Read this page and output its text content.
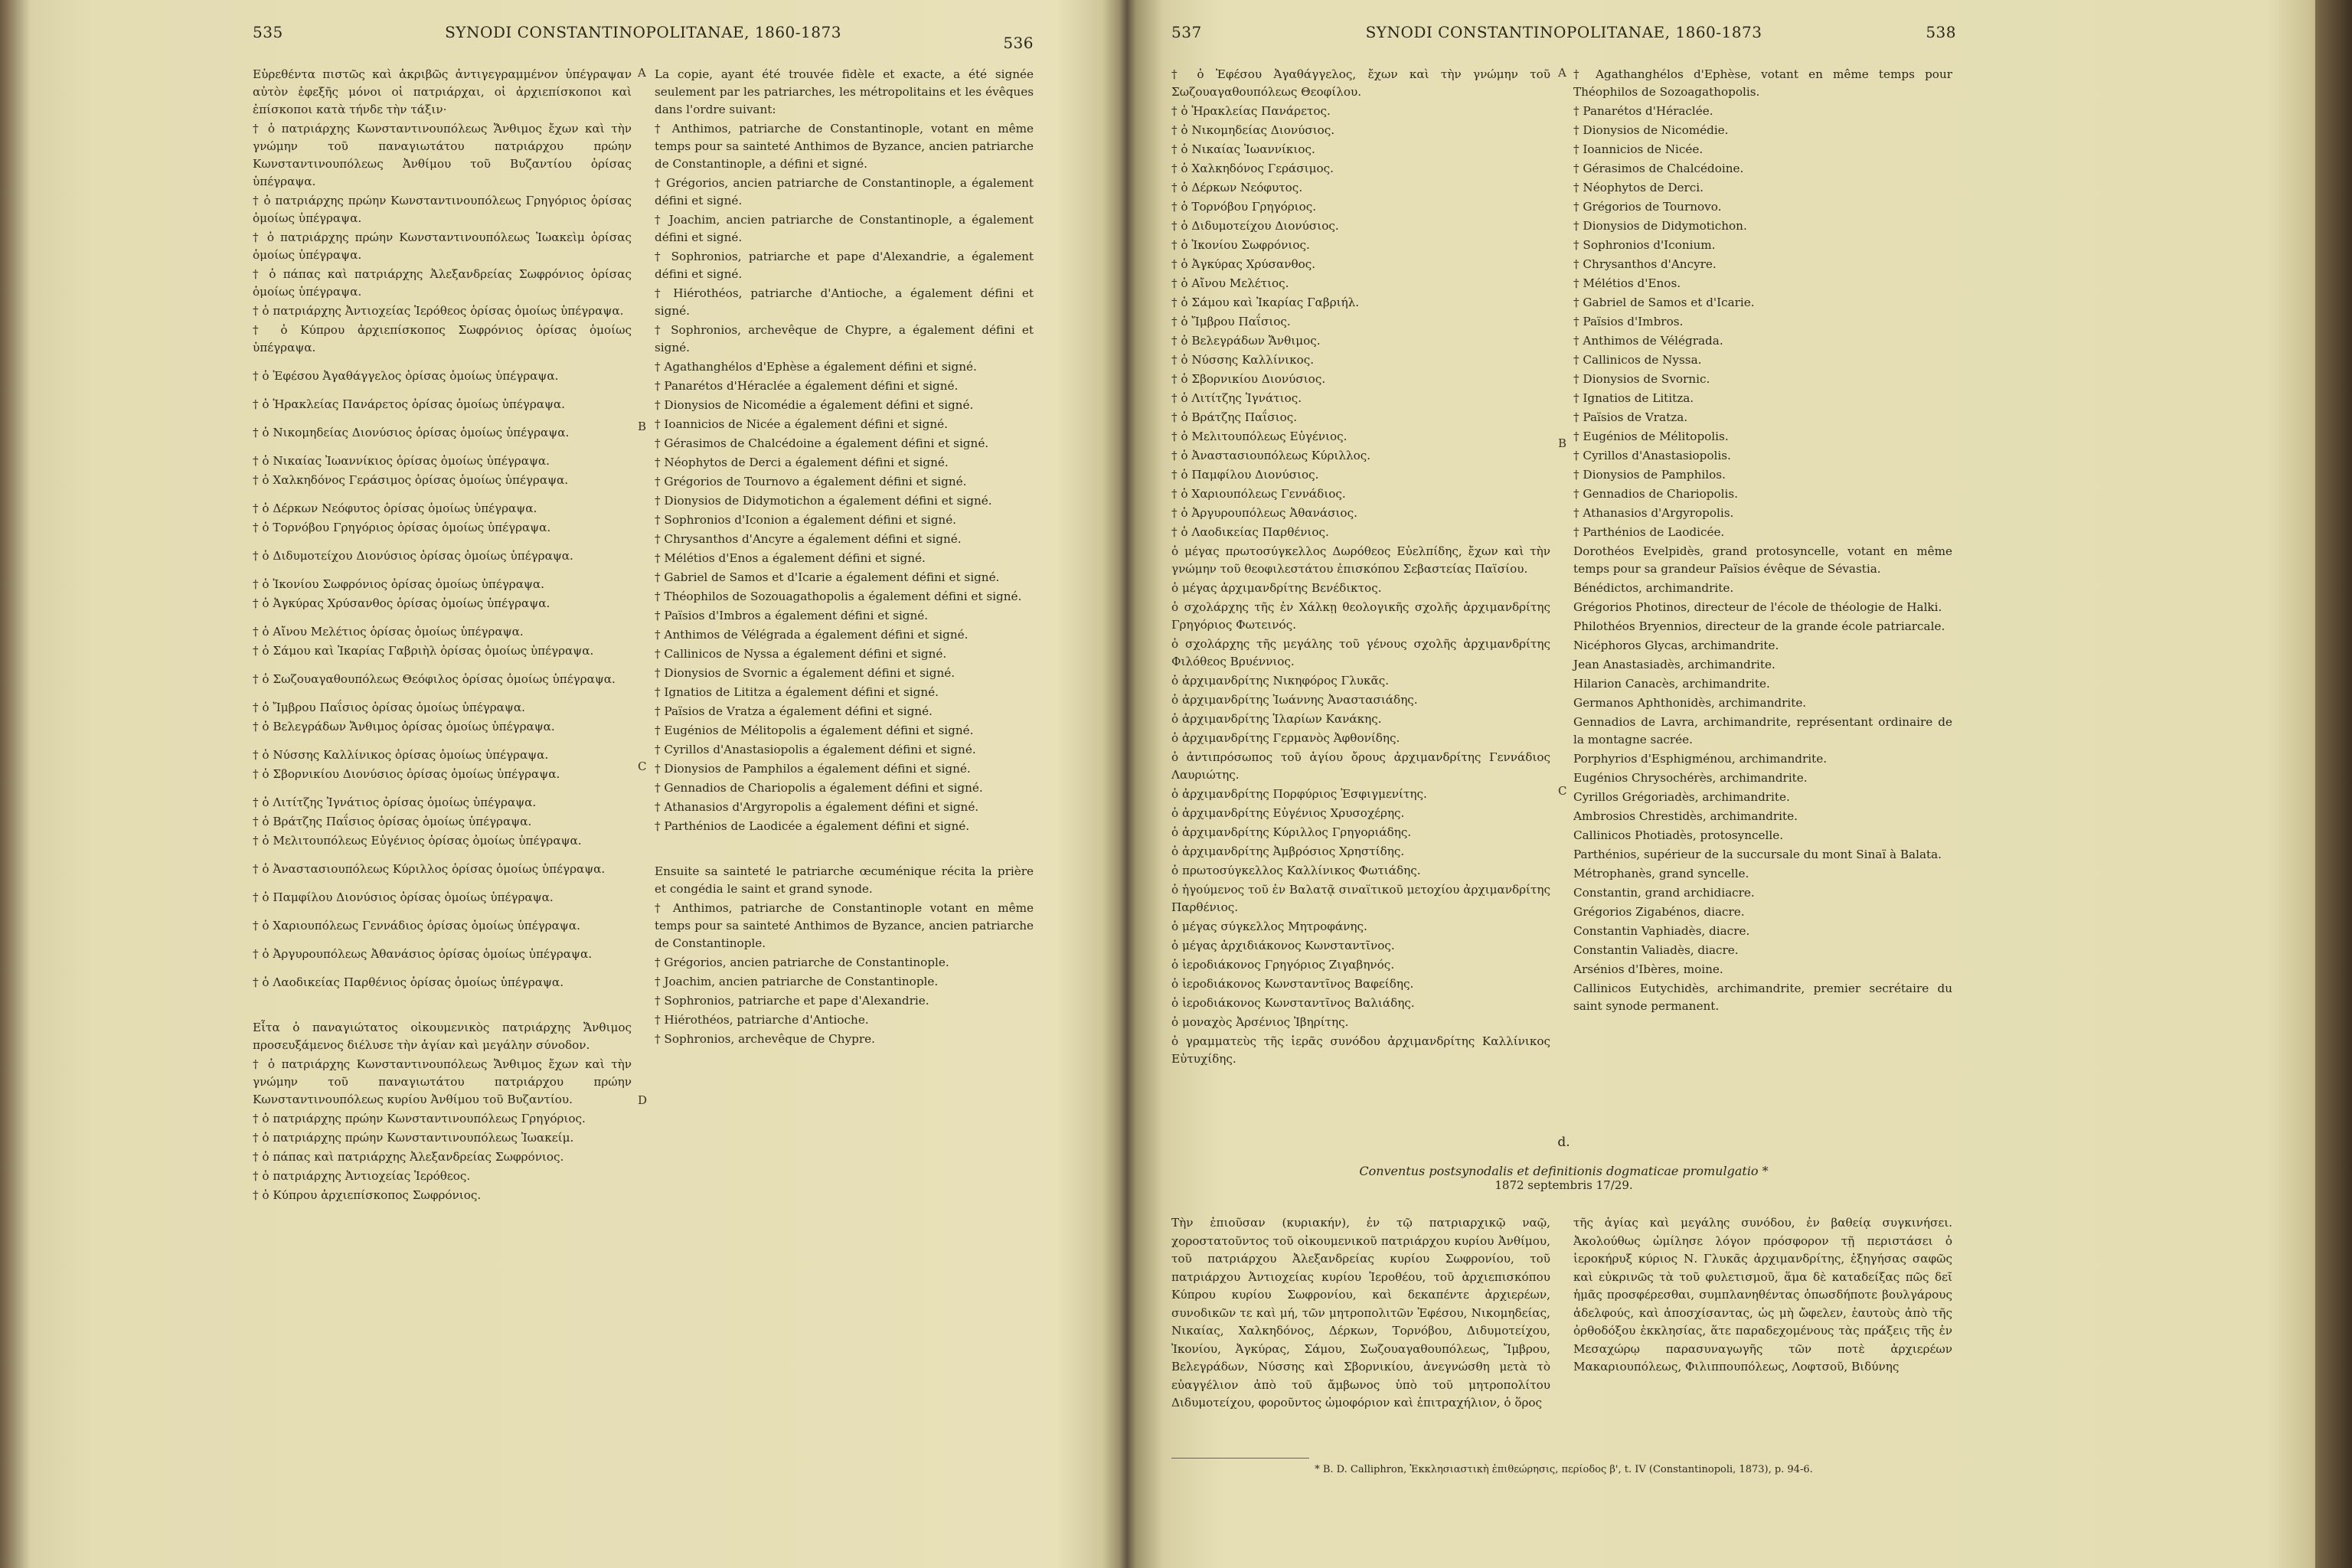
535	SYNODI CONSTANTINOPOLITANAE, 1860-1873
536

Εὑρεθέντα πιστῶς καὶ ἀκριβῶς ἀντιγεγραμμένον ὑπέγραψαν αὐτὸν ἐφεξῆς μόνοι οἱ πατριάρχαι, οἱ ἀρχιεπίσκοποι καὶ ἐπίσκοποι κατὰ τήνδε τὴν τάξιν·

† ὁ πατριάρχης Κωνσταντινουπόλεως Ἄνθιμος ἔχων καὶ τὴν γνώμην τοῦ παναγιωτάτου πατριάρχου πρώην Κωνσταντινουπόλεως Ἀνθίμου τοῦ Βυζαντίου ὁρίσας ὑπέγραψα.

† ὁ πατριάρχης πρώην Κωνσταντινουπόλεως Γρηγόριος ὁρίσας ὁμοίως ὑπέγραψα.

† ὁ πατριάρχης πρώην Κωνσταντινουπόλεως Ἰωακεὶμ ὁρίσας ὁμοίως ὑπέγραψα.

† ὁ πάπας καὶ πατριάρχης Ἀλεξανδρείας Σωφρόνιος ὁρίσας ὁμοίως ὑπέγραψα.

† ὁ πατριάρχης Ἀντιοχείας Ἱερόθεος ὁρίσας ὁμοίως ὑπέγραψα.

† ὁ Κύπρου ἀρχιεπίσκοπος Σωφρόνιος ὁρίσας ὁμοίως ὑπέγραψα.

† ὁ Ἐφέσου Ἀγαθάγγελος ὁρίσας ὁμοίως ὑπέγραψα.

† ὁ Ἡρακλείας Πανάρετος ὁρίσας ὁμοίως ὑπέγραψα.

† ὁ Νικομηδείας Διονύσιος ὁρίσας ὁμοίως ὑπέγραψα.

† ὁ Νικαίας Ἰωαννίκιος ὁρίσας ὁμοίως ὑπέγραψα.

† ὁ Χαλκηδόνος Γεράσιμος ὁρίσας ὁμοίως ὑπέγραψα.

† ὁ Δέρκων Νεόφυτος ὁρίσας ὁμοίως ὑπέγραψα.

† ὁ Τορνόβου Γρηγόριος ὁρίσας ὁμοίως ὑπέγραψα.

† ὁ Διδυμοτείχου Διονύσιος ὁρίσας ὁμοίως ὑπέγραψα.

† ὁ Ἰκονίου Σωφρόνιος ὁρίσας ὁμοίως ὑπέγραψα.

† ὁ Ἀγκύρας Χρύσανθος ὁρίσας ὁμοίως ὑπέγραψα.

† ὁ Αἴνου Μελέτιος ὁρίσας ὁμοίως ὑπέγραψα.

† ὁ Σάμου καὶ Ἰκαρίας Γαβριὴλ ὁρίσας ὁμοίως ὑπέγραψα.

† ὁ Σωζουαγαθουπόλεως Θεόφιλος ὁρίσας ὁμοίως ὑπέγραψα.

† ὁ Ἴμβρου Παΐσιος ὁρίσας ὁμοίως ὑπέγραψα.

† ὁ Βελεγράδων Ἄνθιμος ὁρίσας ὁμοίως ὑπέγραψα.

† ὁ Νύσσης Καλλίνικος ὁρίσας ὁμοίως ὑπέγραψα.

† ὁ Σβορνικίου Διονύσιος ὁρίσας ὁμοίως ὑπέγραψα.

† ὁ Λιτίτζης Ἰγνάτιος ὁρίσας ὁμοίως ὑπέγραψα.

† ὁ Βράτζης Παΐσιος ὁρίσας ὁμοίως ὑπέγραψα.

† ὁ Μελιτουπόλεως Εὐγένιος ὁρίσας ὁμοίως ὑπέγραψα.

† ὁ Ἀναστασιουπόλεως Κύριλλος ὁρίσας ὁμοίως ὑπέγραψα.

† ὁ Παμφίλου Διονύσιος ὁρίσας ὁμοίως ὑπέγραψα.

† ὁ Χαριουπόλεως Γεννάδιος ὁρίσας ὁμοίως ὑπέγραψα.

† ὁ Ἀργυρουπόλεως Ἀθανάσιος ὁρίσας ὁμοίως ὑπέγραψα.

† ὁ Λαοδικείας Παρθένιος ὁρίσας ὁμοίως ὑπέγραψα.

Εἶτα ὁ παναγιώτατος οἰκουμενικὸς πατριάρχης Ἄνθιμος προσευξάμενος διέλυσε τὴν ἁγίαν καὶ μεγάλην σύνοδον.

† ὁ πατριάρχης Κωνσταντινουπόλεως Ἄνθιμος ἔχων καὶ τὴν γνώμην τοῦ παναγιωτάτου πατριάρχου πρώην Κωνσταντινουπόλεως κυρίου Ἀνθίμου τοῦ Βυζαντίου.

† ὁ πατριάρχης πρώην Κωνσταντινουπόλεως Γρηγόριος.

† ὁ πατριάρχης πρώην Κωνσταντινουπόλεως Ἰωακείμ.

† ὁ πάπας καὶ πατριάρχης Ἀλεξανδρείας Σωφρόνιος.

† ὁ πατριάρχης Ἀντιοχείας Ἱερόθεος.

† ὁ Κύπρου ἀρχιεπίσκοπος Σωφρόνιος.

La copie, ayant été trouvée fidèle et exacte, a été signée seulement par les patriarches, les métropolitains et les évêques dans l'ordre suivant:

† Anthimos, patriarche de Constantinople, votant en même temps pour sa sainteté Anthimos de Byzance, ancien patriarche de Constantinople, a défini et signé.

† Grégorios, ancien patriarche de Constantinople, a également défini et signé.

† Joachim, ancien patriarche de Constantinople, a également défini et signé.

† Sophronios, patriarche et pape d'Alexandrie, a également défini et signé.

† Hiérothéos, patriarche d'Antioche, a également défini et signé.

† Sophronios, archevêque de Chypre, a également défini et signé.

† Agathanghélos d'Ephèse a également défini et signé.

† Panarétos d'Héraclée a également défini et signé.

† Dionysios de Nicomédie a également défini et signé.

† Ioannicios de Nicée a également défini et signé.

† Gérasimos de Chalcédoine a également défini et signé.

† Néophytos de Derci a également défini et signé.

† Grégorios de Tournovo a également défini et signé.

† Dionysios de Didymotichon a également défini et signé.

† Sophronios d'Iconion a également défini et signé.

† Chrysanthos d'Ancyre a également défini et signé.

† Mélétios d'Enos a également défini et signé.

† Gabriel de Samos et d'Icarie a également défini et signé.

† Théophilos de Sozouagathopolis a également défini et signé.

† Païsios d'Imbros a également défini et signé.

† Anthimos de Vélégrada a également défini et signé.

† Callinicos de Nyssa a également défini et signé.

† Dionysios de Svornic a également défini et signé.

† Ignatios de Lititza a également défini et signé.

† Païsios de Vratza a également défini et signé.

† Eugénios de Mélitopolis a également défini et signé.

† Cyrillos d'Anastasiopolis a également défini et signé.

† Dionysios de Pamphilos a également défini et signé.

† Gennadios de Chariopolis a également défini et signé.

† Athanasios d'Argyropolis a également défini et signé.

† Parthénios de Laodicée a également défini et signé.

Ensuite sa sainteté le patriarche œcuménique récita la prière et congédia le saint et grand synode.

† Anthimos, patriarche de Constantinople votant en même temps pour sa sainteté Anthimos de Byzance, ancien patriarche de Constantinople.

† Grégorios, ancien patriarche de Constantinople.

† Joachim, ancien patriarche de Constantinople.

† Sophronios, patriarche et pape d'Alexandrie.

† Hiérothéos, patriarche d'Antioche.

† Sophronios, archevêque de Chypre.

A
B
C
D
537	SYNODI CONSTANTINOPOLITANAE, 1860-1873	538

† ὁ Ἐφέσου Ἀγαθάγγελος, ἔχων καὶ τὴν γνώμην τοῦ Σωζουαγαθουπόλεως Θεοφίλου.

† ὁ Ἡρακλείας Πανάρετος.

† ὁ Νικομηδείας Διονύσιος.

† ὁ Νικαίας Ἰωαννίκιος.

† ὁ Χαλκηδόνος Γεράσιμος.

† ὁ Δέρκων Νεόφυτος.

† ὁ Τορνόβου Γρηγόριος.

† ὁ Διδυμοτείχου Διονύσιος.

† ὁ Ἰκονίου Σωφρόνιος.

† ὁ Ἀγκύρας Χρύσανθος.

† ὁ Αἴνου Μελέτιος.

† ὁ Σάμου καὶ Ἰκαρίας Γαβριήλ.

† ὁ Ἴμβρου Παΐσιος.

† ὁ Βελεγράδων Ἄνθιμος.

† ὁ Νύσσης Καλλίνικος.

† ὁ Σβορνικίου Διονύσιος.

† ὁ Λιτίτζης Ἰγνάτιος.

† ὁ Βράτζης Παΐσιος.

† ὁ Μελιτουπόλεως Εὐγένιος.

† ὁ Ἀναστασιουπόλεως Κύριλλος.

† ὁ Παμφίλου Διονύσιος.

† ὁ Χαριουπόλεως Γεννάδιος.

† ὁ Ἀργυρουπόλεως Ἀθανάσιος.

† ὁ Λαοδικείας Παρθένιος.

ὁ μέγας πρωτοσύγκελλος Δωρόθεος Εὐελπίδης, ἔχων καὶ τὴν γνώμην τοῦ θεοφιλεστάτου ἐπισκόπου Σεβαστείας Παϊσίου.

ὁ μέγας ἀρχιμανδρίτης Βενέδικτος.

ὁ σχολάρχης τῆς ἐν Χάλκῃ θεολογικῆς σχολῆς ἀρχιμανδρίτης Γρηγόριος Φωτεινός.

ὁ σχολάρχης τῆς μεγάλης τοῦ γένους σχολῆς ἀρχιμανδρίτης Φιλόθεος Βρυέννιος.

ὁ ἀρχιμανδρίτης Νικηφόρος Γλυκᾶς.

ὁ ἀρχιμανδρίτης Ἰωάννης Ἀναστασιάδης.

ὁ ἀρχιμανδρίτης Ἱλαρίων Κανάκης.

ὁ ἀρχιμανδρίτης Γερμανὸς Ἀφθονίδης.

ὁ ἀντιπρόσωπος τοῦ ἁγίου ὄρους ἀρχιμανδρίτης Γεννάδιος Λαυριώτης.

ὁ ἀρχιμανδρίτης Πορφύριος Ἐσφιγμενίτης.

ὁ ἀρχιμανδρίτης Εὐγένιος Χρυσοχέρης.

ὁ ἀρχιμανδρίτης Κύριλλος Γρηγοριάδης.

ὁ ἀρχιμανδρίτης Ἀμβρόσιος Χρηστίδης.

ὁ πρωτοσύγκελλος Καλλίνικος Φωτιάδης.

ὁ ἡγούμενος τοῦ ἐν Βαλατᾷ σιναϊτικοῦ μετοχίου ἀρχιμανδρίτης Παρθένιος.

ὁ μέγας σύγκελλος Μητροφάνης.

ὁ μέγας ἀρχιδιάκονος Κωνσταντῖνος.

ὁ ἱεροδιάκονος Γρηγόριος Ζιγαβηνός.

ὁ ἱεροδιάκονος Κωνσταντῖνος Βαφείδης.

ὁ ἱεροδιάκονος Κωνσταντῖνος Βαλιάδης.

ὁ μοναχὸς Ἀρσένιος Ἰβηρίτης.

ὁ γραμματεὺς τῆς ἱερᾶς συνόδου ἀρχιμανδρίτης Καλλίνικος Εὐτυχίδης.

† Agathanghélos d'Ephèse, votant en même temps pour Théophilos de Sozoagathopolis.

† Panarétos d'Héraclée.

† Dionysios de Nicomédie.

† Ioannicios de Nicée.

† Gérasimos de Chalcédoine.

† Néophytos de Derci.

† Grégorios de Tournovo.

† Dionysios de Didymotichon.

† Sophronios d'Iconium.

† Chrysanthos d'Ancyre.

† Mélétios d'Enos.

† Gabriel de Samos et d'Icarie.

† Païsios d'Imbros.

† Anthimos de Vélégrada.

† Callinicos de Nyssa.

† Dionysios de Svornic.

† Ignatios de Lititza.

† Païsios de Vratza.

† Eugénios de Mélitopolis.

† Cyrillos d'Anastasiopolis.

† Dionysios de Pamphilos.

† Gennadios de Chariopolis.

† Athanasios d'Argyropolis.

† Parthénios de Laodicée.

Dorothéos Evelpidès, grand protosyncelle, votant en même temps pour sa grandeur Païsios évêque de Sévastia.

Bénédictos, archimandrite.

Grégorios Photinos, directeur de l'école de théologie de Halki.

Philothéos Bryennios, directeur de la grande école patriarcale.

Nicéphoros Glycas, archimandrite.

Jean Anastasiadès, archimandrite.

Hilarion Canacès, archimandrite.

Germanos Aphthonidès, archimandrite.

Gennadios de Lavra, archimandrite, représentant ordinaire de la montagne sacrée.

Porphyrios d'Esphigménou, archimandrite.

Eugénios Chrysochérès, archimandrite.

Cyrillos Grégoriadès, archimandrite.

Ambrosios Chrestidès, archimandrite.

Callinicos Photiadès, protosyncelle.

Parthénios, supérieur de la succursale du mont Sinaï à Balata.

Métrophanès, grand syncelle.

Constantin, grand archidiacre.

Grégorios Zigabénos, diacre.

Constantin Vaphiadès, diacre.

Constantin Valiadès, diacre.

Arsénios d'Ibères, moine.

Callinicos Eutychidès, archimandrite, premier secrétaire du saint synode permanent.

A
B
C
d.
Conventus postsynodalis et definitionis dogmaticae promulgatio *
1872 septembris 17/29.

Τὴν ἐπιοῦσαν (κυριακήν), ἐν τῷ πατριαρχικῷ ναῷ, χοροστατοῦντος τοῦ οἰκουμενικοῦ πατριάρχου κυρίου Ἀνθίμου, τοῦ πατριάρχου Ἀλεξανδρείας κυρίου Σωφρονίου, τοῦ πατριάρχου Ἀντιοχείας κυρίου Ἱεροθέου, τοῦ ἀρχιεπισκόπου Κύπρου κυρίου Σωφρονίου, καὶ δεκαπέντε ἀρχιερέων, συνοδικῶν τε καὶ μή, τῶν μητροπολιτῶν Ἐφέσου, Νικομηδείας, Νικαίας, Χαλκηδόνος, Δέρκων, Τορνόβου, Διδυμοτείχου, Ἰκονίου, Ἀγκύρας, Σάμου, Σωζουαγαθουπόλεως, Ἴμβρου, Βελεγράδων, Νύσσης καὶ Σβορνικίου, ἀνεγνώσθη μετὰ τὸ εὐαγγέλιον ἀπὸ τοῦ ἄμβωνος ὑπὸ τοῦ μητροπολίτου Διδυμοτείχου, φοροῦντος ὠμοφόριον καὶ ἐπιτραχήλιον, ὁ ὅρος

τῆς ἁγίας καὶ μεγάλης συνόδου, ἐν βαθείᾳ συγκινήσει. Ἀκολούθως ὡμίλησε λόγον πρόσφορον τῇ περιστάσει ὁ ἱεροκήρυξ κύριος Ν. Γλυκᾶς ἀρχιμανδρίτης, ἐξηγήσας σαφῶς καὶ εὐκρινῶς τὰ τοῦ φυλετισμοῦ, ἅμα δὲ καταδείξας πῶς δεῖ ἡμᾶς προσφέρεσθαι, συμπλανηθέντας ὁπωσδήποτε βουλγάρους ἀδελφούς, καὶ ἀποσχίσαντας, ὡς μὴ ὤφελεν, ἑαυτοὺς ἀπὸ τῆς ὀρθοδόξου ἐκκλησίας, ἅτε παραδεχομένους τὰς πράξεις τῆς ἐν Μεσαχώρῳ παρασυναγωγῆς τῶν ποτὲ ἀρχιερέων Μακαριουπόλεως, Φιλιππουπόλεως, Λοφτσοῦ, Βιδύνης

* Β. D. Calliphron, Ἐκκλησιαστικὴ ἐπιθεώρησις, περίοδος β', t. IV (Constantinopoli, 1873), p. 94-6.
